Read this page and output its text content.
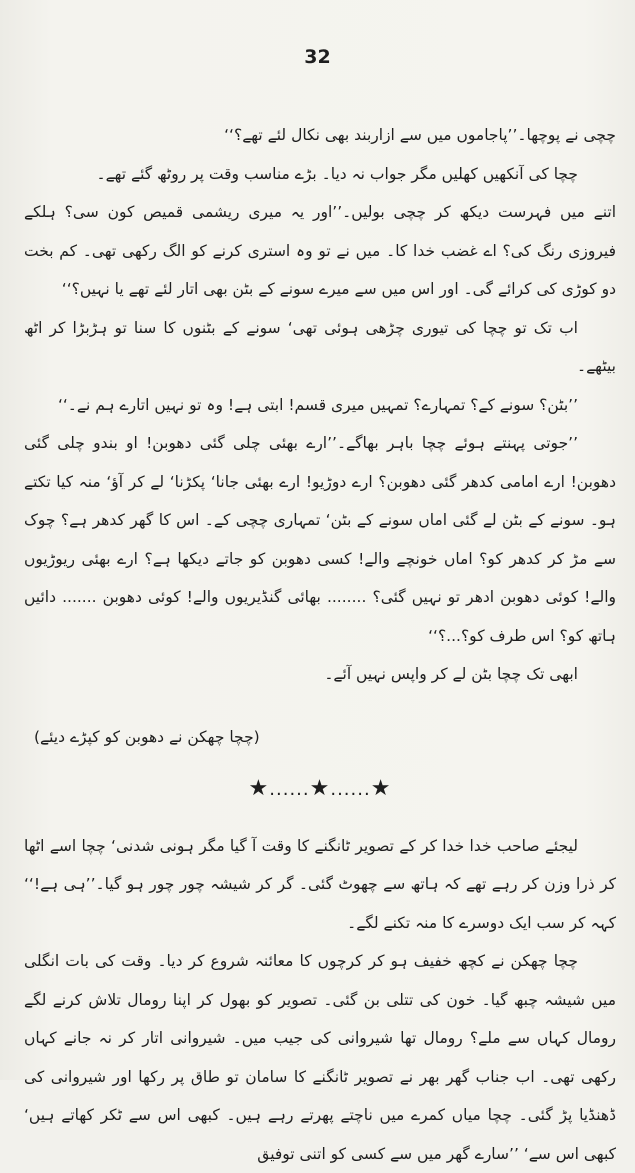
32

چچی نے پوچھا۔’’پاجاموں میں سے ازاربند بھی نکال لئے تھے؟‘‘

چچا کی آنکھیں کھلیں مگر جواب نہ دیا۔ بڑے مناسب وقت پر روٹھ گئے تھے۔

اتنے میں فہرست دیکھ کر چچی بولیں۔’’اور یہ میری ریشمی قمیص کون سی؟ ہلکے فیروزی رنگ کی؟ اے غضب خدا کا۔ میں نے تو وہ استری کرنے کو الگ رکھی تھی۔ کم بخت دو کوڑی کی کرائے گی۔ اور اس میں سے میرے سونے کے بٹن بھی اتار لئے تھے یا نہیں؟‘‘

اب تک تو چچا کی تیوری چڑھی ہوئی تھی‘ سونے کے بٹنوں کا سنا تو ہڑبڑا کر اٹھ بیٹھے۔

’’بٹن؟ سونے کے؟ تمہارے؟ تمہیں میری قسم! ابتی ہے! وہ تو نہیں اتارے ہم نے۔‘‘

’’جوتی پہنتے ہوئے چچا باہر بھاگے۔’’ارے بھئی چلی گئی دھوبن! او بندو چلی گئی دھوبن! ارے امامی کدھر گئی دھوبن؟ ارے دوڑیو! ارے بھئی جانا‘ پکڑنا‘ لے کر آؤ‘ منہ کیا تکتے ہو۔ سونے کے بٹن لے گئی اماں سونے کے بٹن‘ تمہاری چچی کے۔ اس کا گھر کدھر ہے؟ چوک سے مڑ کر کدھر کو؟ اماں خونچے والے! کسی دھوبن کو جاتے دیکھا ہے؟ ارے بھئی ریوڑیوں والے! کوئی دھوبن ادھر تو نہیں گئی؟ ........ بھائی گنڈیریوں والے! کوئی دھوبن ....... دائیں ہاتھ کو؟ اس طرف کو؟...؟‘‘

ابھی تک چچا بٹن لے کر واپس نہیں آئے۔

(چچا چھکن نے دھوبن کو کپڑے دیئے)

★......★......★

لیجئے صاحب خدا خدا کر کے تصویر ٹانگنے کا وقت آ گیا مگر ہونی شدنی‘ چچا اسے اٹھا کر ذرا وزن کر رہے تھے کہ ہاتھ سے چھوٹ گئی۔ گر کر شیشہ چور چور ہو گیا۔’’ہی ہے!‘‘ کہہ کر سب ایک دوسرے کا منہ تکنے لگے۔

چچا چھکن نے کچھ خفیف ہو کر کرچوں کا معائنہ شروع کر دیا۔ وقت کی بات انگلی میں شیشہ چبھ گیا۔ خون کی تتلی بن گئی۔ تصویر کو بھول کر اپنا رومال تلاش کرنے لگے رومال کہاں سے ملے؟ رومال تھا شیروانی کی جیب میں۔ شیروانی اتار کر نہ جانے کہاں رکھی تھی۔ اب جناب گھر بھر نے تصویر ٹانگنے کا سامان تو طاق پر رکھا اور شیروانی کی ڈھنڈیا پڑ گئی۔ چچا میاں کمرے میں ناچتے پھرتے رہے ہیں۔ کبھی اس سے ٹکر کھاتے ہیں‘ کبھی اس سے‘ ’’سارے گھر میں سے کسی کو اتنی توفیق
